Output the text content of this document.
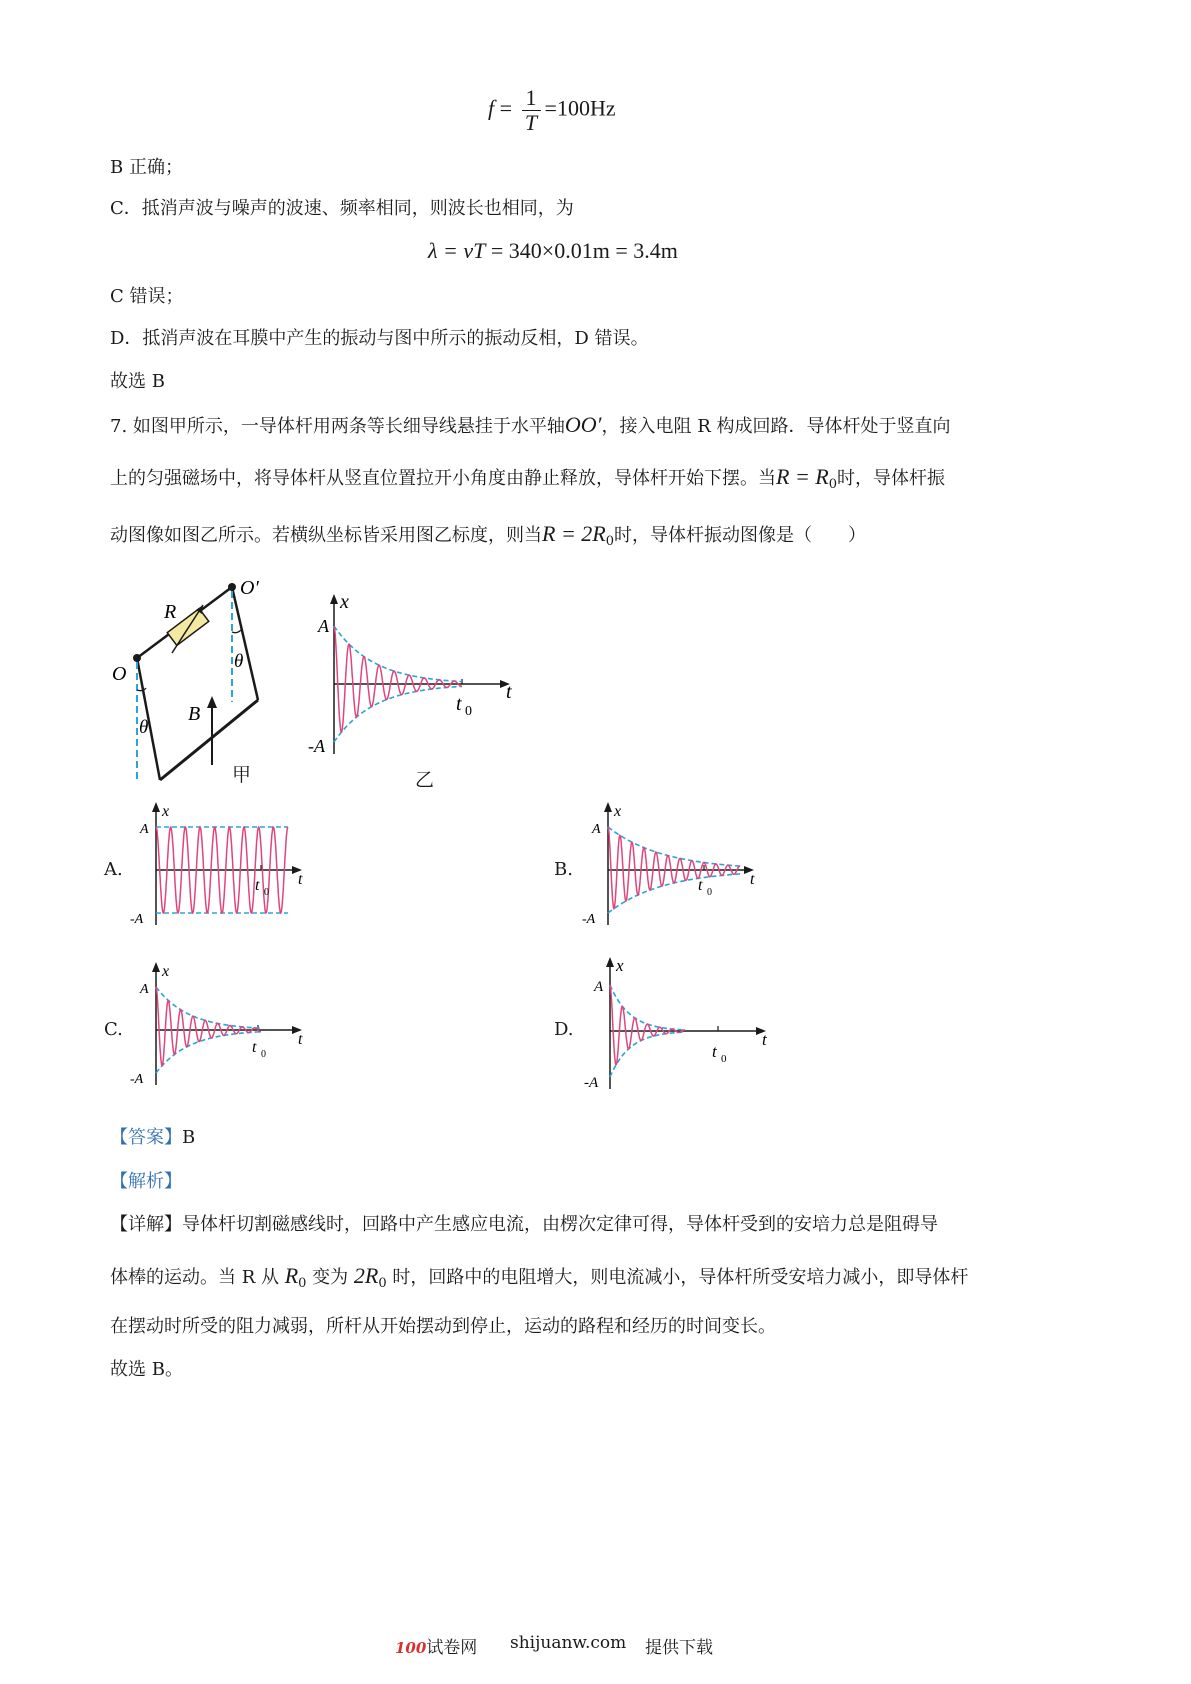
$f = \frac{1}{T} =100Hz$
B 正确；
C．抵消声波与噪声的波速、频率相同，则波长也相同，为
λ = vT = 340×0.01m = 3.4m
C 错误；
D．抵消声波在耳膜中产生的振动与图中所示的振动反相，D 错误。
故选 B
7. 如图甲所示，一导体杆用两条等长细导线悬挂于水平轴OO′，接入电阻 R 构成回路．导体杆处于竖直向
上的匀强磁场中，将导体杆从竖直位置拉开小角度由静止释放，导体杆开始下摆。当$R = R_0$时，导体杆振
动图像如图乙所示。若横纵坐标皆采用图乙标度，则当$R = 2R_0$时，导体杆振动图像是（　　）
R
O
O′
B
θ
θ
甲
x
A
-A
t 0
t
乙
A.
x
A
-A
t 0
t	B.
x
A
-A
t 0
t
C.
x
A
-A
t 0
t	D.
x
A
-A
t 0
t
【答案】B
【解析】
【详解】导体杆切割磁感线时，回路中产生感应电流，由楞次定律可得，导体杆受到的安培力总是阻碍导
体棒的运动。当 R 从 $R_0$ 变为 $2R_0$ 时，回路中的电阻增大，则电流减小，导体杆所受安培力减小，即导体杆
在摆动时所受的阻力减弱，所杆从开始摆动到停止，运动的路程和经历的时间变长。
故选 B。
100试卷网 shijuanw.com 提供下载
